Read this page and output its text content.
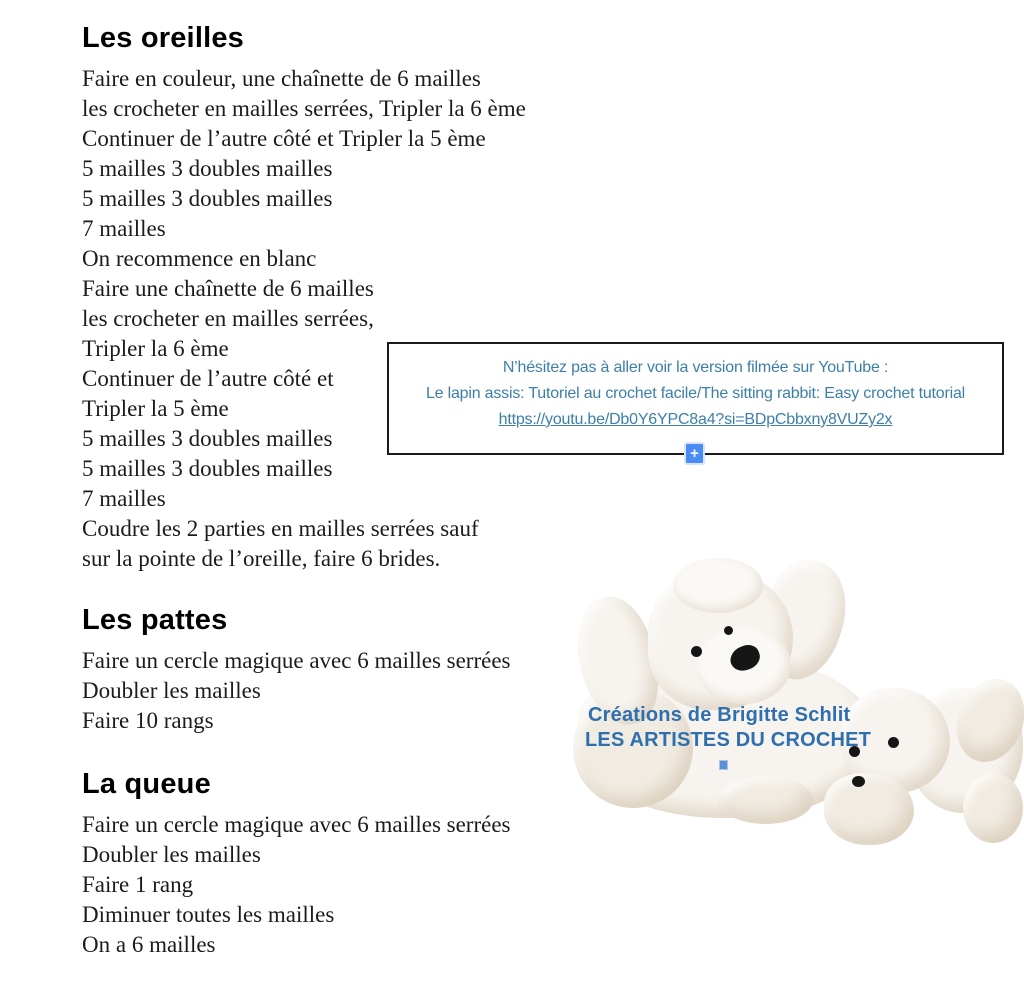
Les oreilles
Faire en couleur, une chaînette de 6 mailles
les crocheter en mailles serrées, Tripler la 6 ème
Continuer de l’autre côté et Tripler la 5 ème
5 mailles 3 doubles mailles
5 mailles 3 doubles mailles
7 mailles
On recommence en blanc
Faire une chaînette de 6 mailles
les crocheter en mailles serrées,
Tripler la 6 ème
Continuer de l’autre côté et
Tripler la 5 ème
5 mailles 3 doubles mailles
5 mailles 3 doubles mailles
7 mailles
Coudre les 2 parties en mailles serrées sauf
sur la pointe de l’oreille, faire 6 brides.
Les pattes
Faire un cercle magique avec 6 mailles serrées
Doubler les mailles
Faire 10 rangs
La queue
Faire un cercle magique avec 6 mailles serrées
Doubler les mailles
Faire 1 rang
Diminuer toutes les mailles
On a 6 mailles
N’hésitez pas à aller voir la version filmée sur YouTube :
Le lapin assis: Tutoriel au crochet facile/The sitting rabbit: Easy crochet tutorial
https://youtu.be/Db0Y6YPC8a4?si=BDpCbbxny8VUZy2x
+
Créations de Brigitte Schlit
LES ARTISTES DU CROCHET
